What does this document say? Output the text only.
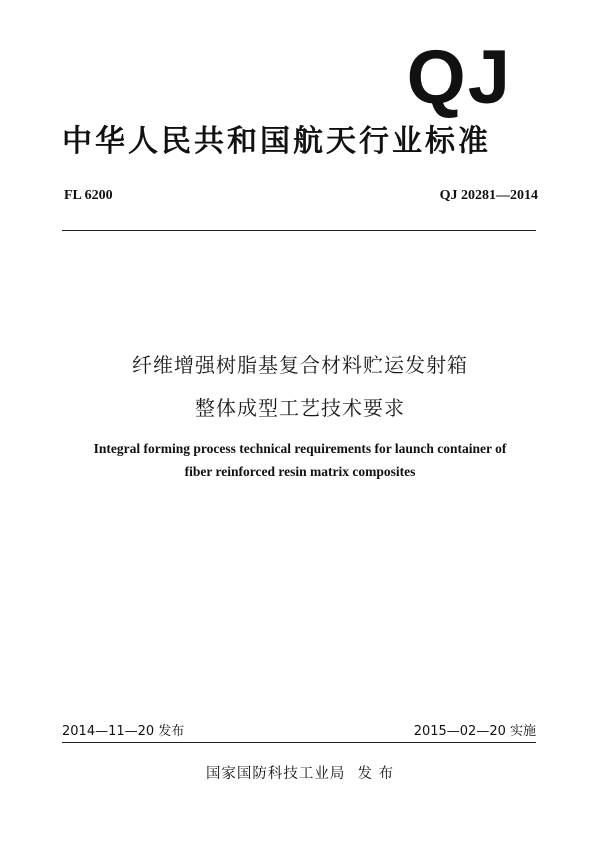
QJ
中华人民共和国航天行业标准
FL 6200	QJ 20281—2014
纤维增强树脂基复合材料贮运发射箱
整体成型工艺技术要求
Integral forming process technical requirements for launch container of
fiber reinforced resin matrix composites
2014—11—20 发布	2015—02—20 实施
国家国防科技工业局 发 布
